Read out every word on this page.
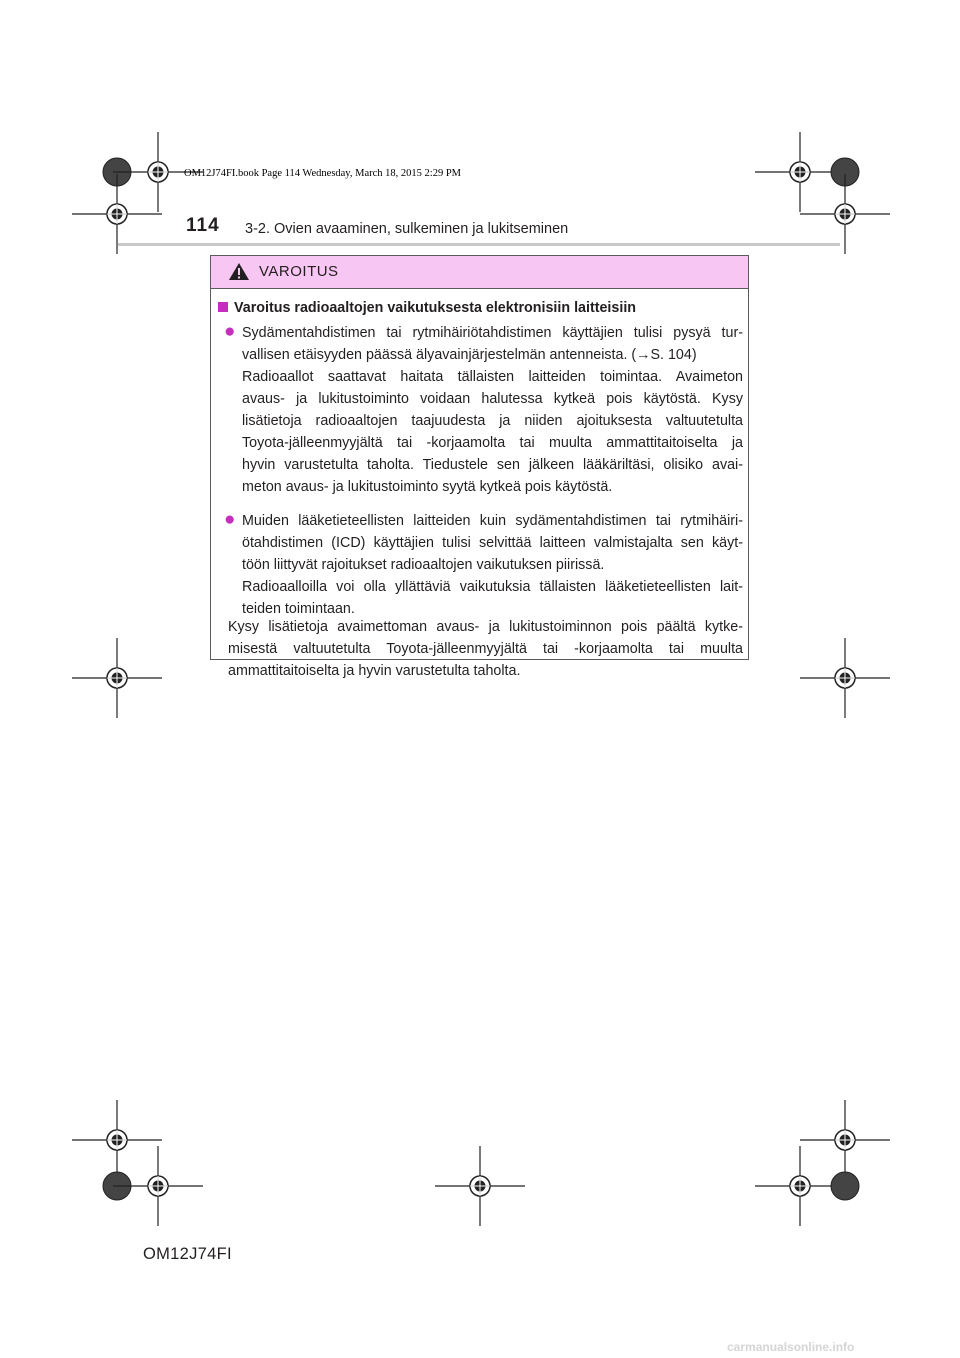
OM12J74FI.book Page 114 Wednesday, March 18, 2015 2:29 PM
114 3-2. Ovien avaaminen, sulkeminen ja lukitseminen
VAROITUS
Varoitus radioaaltojen vaikutuksesta elektronisiin laitteisiin
● Sydämentahdistimen tai rytmihäiriötahdistimen käyttäjien tulisi pysyä tur-
vallisen etäisyyden päässä älyavainjärjestelmän antenneista. (→S. 104)
Radioaallot saattavat haitata tällaisten laitteiden toimintaa. Avaimeton
avaus- ja lukitustoiminto voidaan halutessa kytkeä pois käytöstä. Kysy
lisätietoja radioaaltojen taajuudesta ja niiden ajoituksesta valtuutetulta
Toyota-jälleenmyyjältä tai -korjaamolta tai muulta ammattitaitoiselta ja
hyvin varustetulta taholta. Tiedustele sen jälkeen lääkäriltäsi, olisiko avai-
meton avaus- ja lukitustoiminto syytä kytkeä pois käytöstä.
● Muiden lääketieteellisten laitteiden kuin sydämentahdistimen tai rytmihäiri-
ötahdistimen (ICD) käyttäjien tulisi selvittää laitteen valmistajalta sen käyt-
töön liittyvät rajoitukset radioaaltojen vaikutuksen piirissä.
Radioaalloilla voi olla yllättäviä vaikutuksia tällaisten lääketieteellisten lait-
teiden toimintaan.
Kysy lisätietoja avaimettoman avaus- ja lukitustoiminnon pois päältä kytke-
misestä valtuutetulta Toyota-jälleenmyyjältä tai -korjaamolta tai muulta
ammattitaitoiselta ja hyvin varustetulta taholta.
OM12J74FI
carmanualsonline.info
